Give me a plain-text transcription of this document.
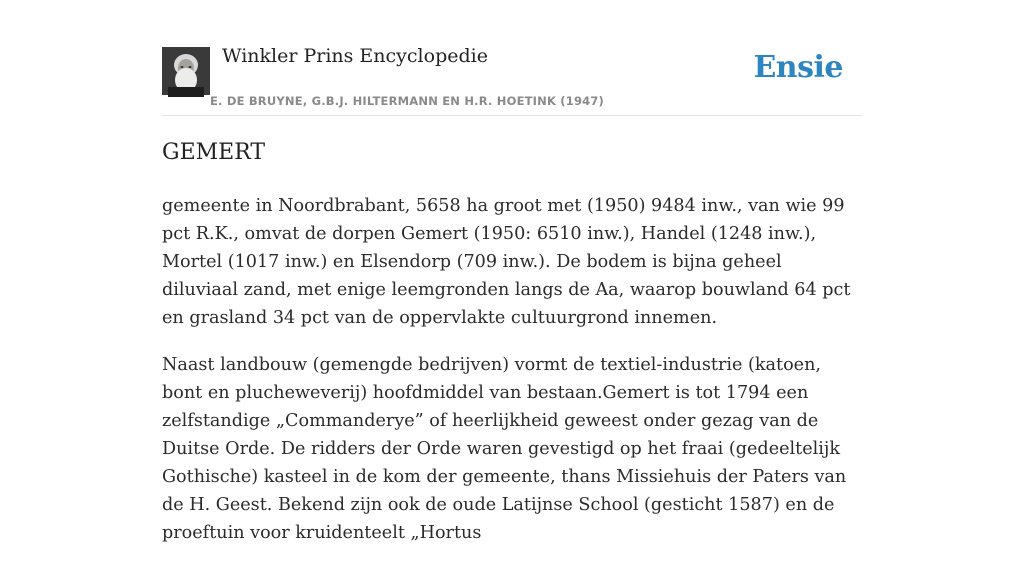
Winkler Prins Encyclopedie
E. DE BRUYNE, G.B.J. HILTERMANN EN H.R. HOETINK (1947)
Ensie
GEMERT

gemeente in Noordbrabant, 5658 ha groot met (1950) 9484 inw., van wie 99 pct R.K., omvat de dorpen Gemert (1950: 6510 inw.), Handel (1248 inw.), Mortel (1017 inw.) en Elsendorp (709 inw.). De bodem is bijna geheel diluviaal zand, met enige leemgronden langs de Aa, waarop bouwland 64 pct en grasland 34 pct van de oppervlakte cultuurgrond innemen.

Naast landbouw (gemengde bedrijven) vormt de textiel-industrie (katoen, bont en plucheweverij) hoofdmiddel van bestaan.Gemert is tot 1794 een zelfstandige „Commanderye” of heerlijkheid geweest onder gezag van de Duitse Orde. De ridders der Orde waren gevestigd op het fraai (gedeeltelijk Gothische) kasteel in de kom der gemeente, thans Missiehuis der Paters van de H. Geest. Bekend zijn ook de oude Latijnse School (gesticht 1587) en de proeftuin voor kruidenteelt „Hortus
